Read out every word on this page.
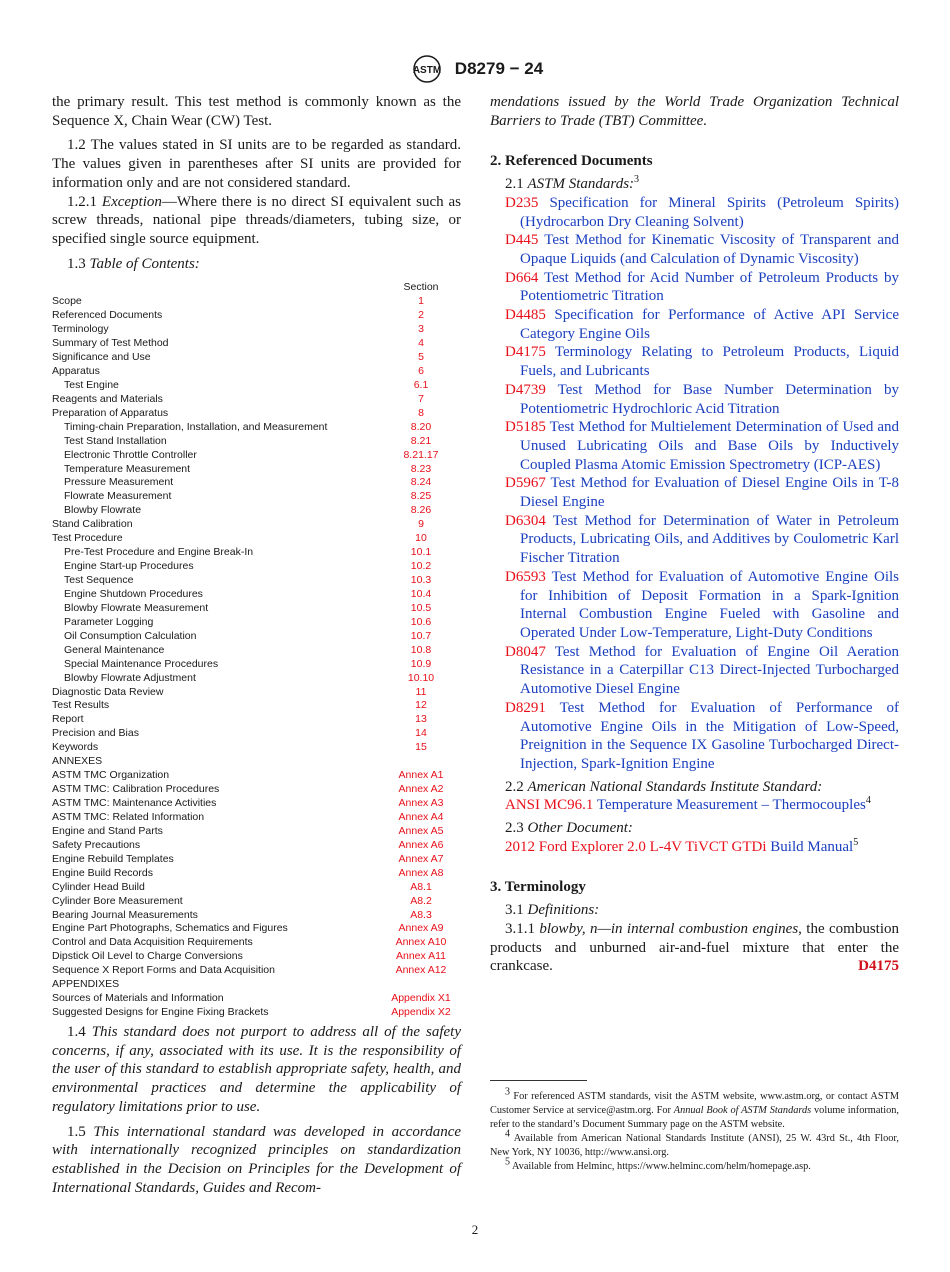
ASTM D8279 − 24

the primary result. This test method is commonly known as the Sequence X, Chain Wear (CW) Test.

1.2 The values stated in SI units are to be regarded as standard. The values given in parentheses after SI units are provided for information only and are not considered standard.

1.2.1 Exception—Where there is no direct SI equivalent such as screw threads, national pipe threads/diameters, tubing size, or specified single source equipment.

1.3 Table of Contents:

Section
Scope	1
Referenced Documents	2
Terminology	3
Summary of Test Method	4
Significance and Use	5
Apparatus	6
Test Engine	6.1
Reagents and Materials	7
Preparation of Apparatus	8
Timing-chain Preparation, Installation, and Measurement	8.20
Test Stand Installation	8.21
Electronic Throttle Controller	8.21.17
Temperature Measurement	8.23
Pressure Measurement	8.24
Flowrate Measurement	8.25
Blowby Flowrate	8.26
Stand Calibration	9
Test Procedure	10
Pre-Test Procedure and Engine Break-In	10.1
Engine Start-up Procedures	10.2
Test Sequence	10.3
Engine Shutdown Procedures	10.4
Blowby Flowrate Measurement	10.5
Parameter Logging	10.6
Oil Consumption Calculation	10.7
General Maintenance	10.8
Special Maintenance Procedures	10.9
Blowby Flowrate Adjustment	10.10
Diagnostic Data Review	11
Test Results	12
Report	13
Precision and Bias	14
Keywords	15
ANNEXES
ASTM TMC Organization	Annex A1
ASTM TMC: Calibration Procedures	Annex A2
ASTM TMC: Maintenance Activities	Annex A3
ASTM TMC: Related Information	Annex A4
Engine and Stand Parts	Annex A5
Safety Precautions	Annex A6
Engine Rebuild Templates	Annex A7
Engine Build Records	Annex A8
Cylinder Head Build	A8.1
Cylinder Bore Measurement	A8.2
Bearing Journal Measurements	A8.3
Engine Part Photographs, Schematics and Figures	Annex A9
Control and Data Acquisition Requirements	Annex A10
Dipstick Oil Level to Charge Conversions	Annex A11
Sequence X Report Forms and Data Acquisition	Annex A12
APPENDIXES
Sources of Materials and Information	Appendix X1
Suggested Designs for Engine Fixing Brackets	Appendix X2

1.4 This standard does not purport to address all of the safety concerns, if any, associated with its use. It is the responsibility of the user of this standard to establish appropriate safety, health, and environmental practices and determine the applicability of regulatory limitations prior to use.

1.5 This international standard was developed in accordance with internationally recognized principles on standardization established in the Decision on Principles for the Development of International Standards, Guides and Recom-

mendations issued by the World Trade Organization Technical Barriers to Trade (TBT) Committee.

2. Referenced Documents

2.1 ASTM Standards:$^3$

D235 Specification for Mineral Spirits (Petroleum Spirits) (Hydrocarbon Dry Cleaning Solvent)

D445 Test Method for Kinematic Viscosity of Transparent and Opaque Liquids (and Calculation of Dynamic Viscosity)

D664 Test Method for Acid Number of Petroleum Products by Potentiometric Titration

D4485 Specification for Performance of Active API Service Category Engine Oils

D4175 Terminology Relating to Petroleum Products, Liquid Fuels, and Lubricants

D4739 Test Method for Base Number Determination by Potentiometric Hydrochloric Acid Titration

D5185 Test Method for Multielement Determination of Used and Unused Lubricating Oils and Base Oils by Inductively Coupled Plasma Atomic Emission Spectrometry (ICP-AES)

D5967 Test Method for Evaluation of Diesel Engine Oils in T-8 Diesel Engine

D6304 Test Method for Determination of Water in Petroleum Products, Lubricating Oils, and Additives by Coulometric Karl Fischer Titration

D6593 Test Method for Evaluation of Automotive Engine Oils for Inhibition of Deposit Formation in a Spark-Ignition Internal Combustion Engine Fueled with Gasoline and Operated Under Low-Temperature, Light-Duty Conditions

D8047 Test Method for Evaluation of Engine Oil Aeration Resistance in a Caterpillar C13 Direct-Injected Turbocharged Automotive Diesel Engine

D8291 Test Method for Evaluation of Performance of Automotive Engine Oils in the Mitigation of Low-Speed, Preignition in the Sequence IX Gasoline Turbocharged Direct-Injection, Spark-Ignition Engine

2.2 American National Standards Institute Standard:

ANSI MC96.1 Temperature Measurement – Thermocouples$^4$

2.3 Other Document:

2012 Ford Explorer 2.0 L-4V TiVCT GTDi Build Manual$^5$

3. Terminology

3.1 Definitions:

3.1.1 blowby, n—in internal combustion engines, the combustion products and unburned air-and-fuel mixture that enter the crankcase.	D4175

3 For referenced ASTM standards, visit the ASTM website, www.astm.org, or contact ASTM Customer Service at service@astm.org. For Annual Book of ASTM Standards volume information, refer to the standard’s Document Summary page on the ASTM website.

4 Available from American National Standards Institute (ANSI), 25 W. 43rd St., 4th Floor, New York, NY 10036, http://www.ansi.org.

5 Available from Helminc, https://www.helminc.com/helm/homepage.asp.

2
